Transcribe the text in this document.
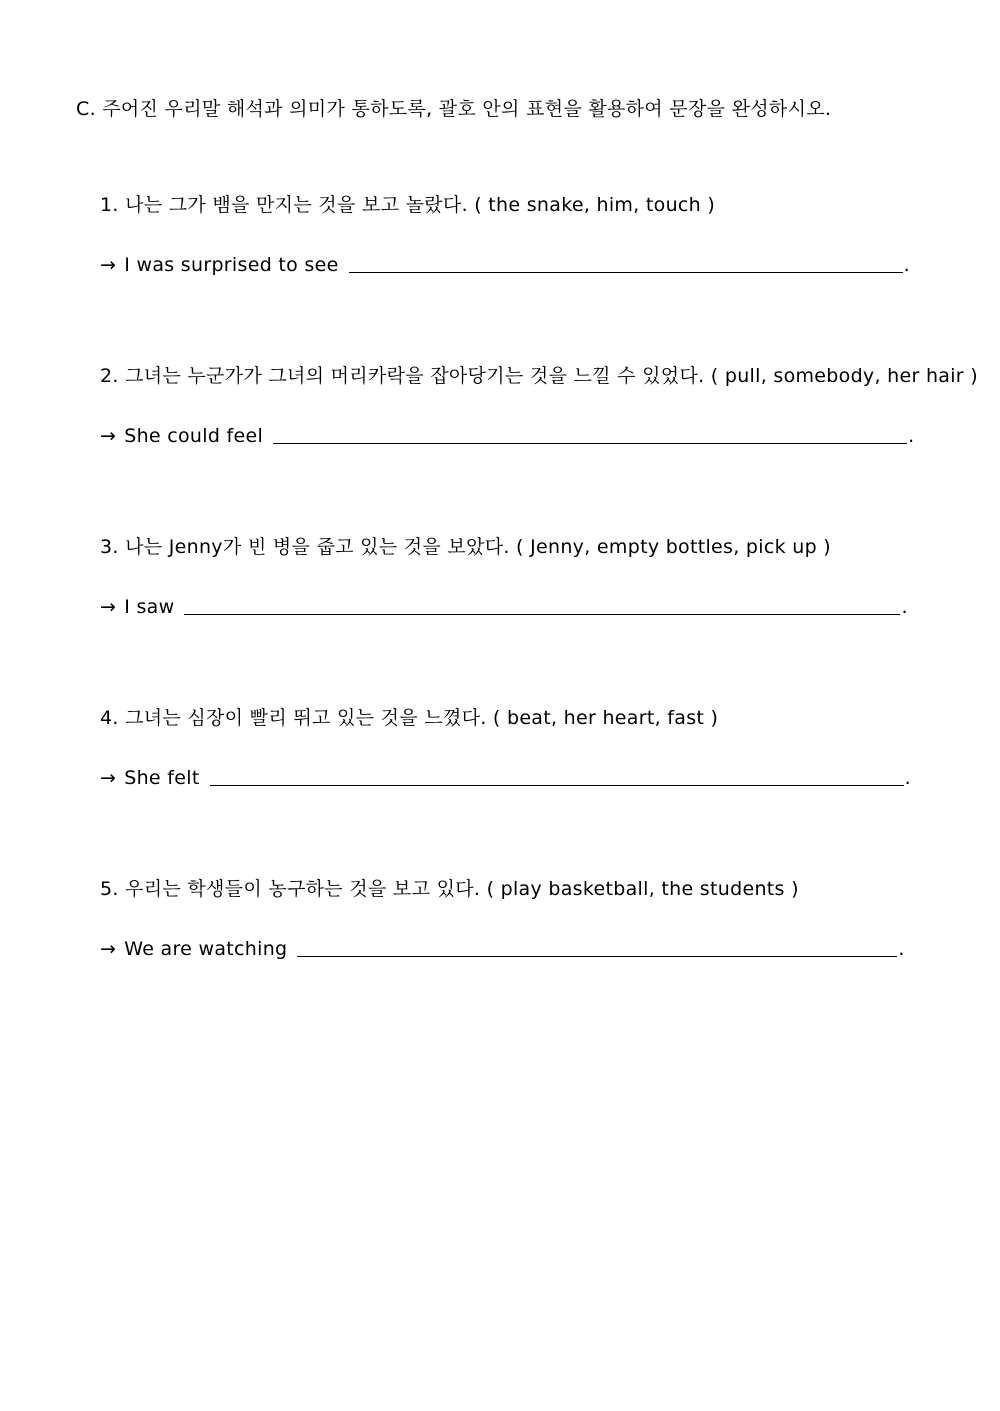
C. 주어진 우리말 해석과 의미가 통하도록, 괄호 안의 표현을 활용하여 문장을 완성하시오.
1. 나는 그가 뱀을 만지는 것을 보고 놀랐다. ( the snake, him, touch )
→ I was surprised to see	.
2. 그녀는 누군가가 그녀의 머리카락을 잡아당기는 것을 느낄 수 있었다. ( pull, somebody, her hair )
→ She could feel	.
3. 나는 Jenny가 빈 병을 줍고 있는 것을 보았다. ( Jenny, empty bottles, pick up )
→ I saw	.
4. 그녀는 심장이 빨리 뛰고 있는 것을 느꼈다. ( beat, her heart, fast )
→ She felt	.
5. 우리는 학생들이 농구하는 것을 보고 있다. ( play basketball, the students )
→ We are watching	.
